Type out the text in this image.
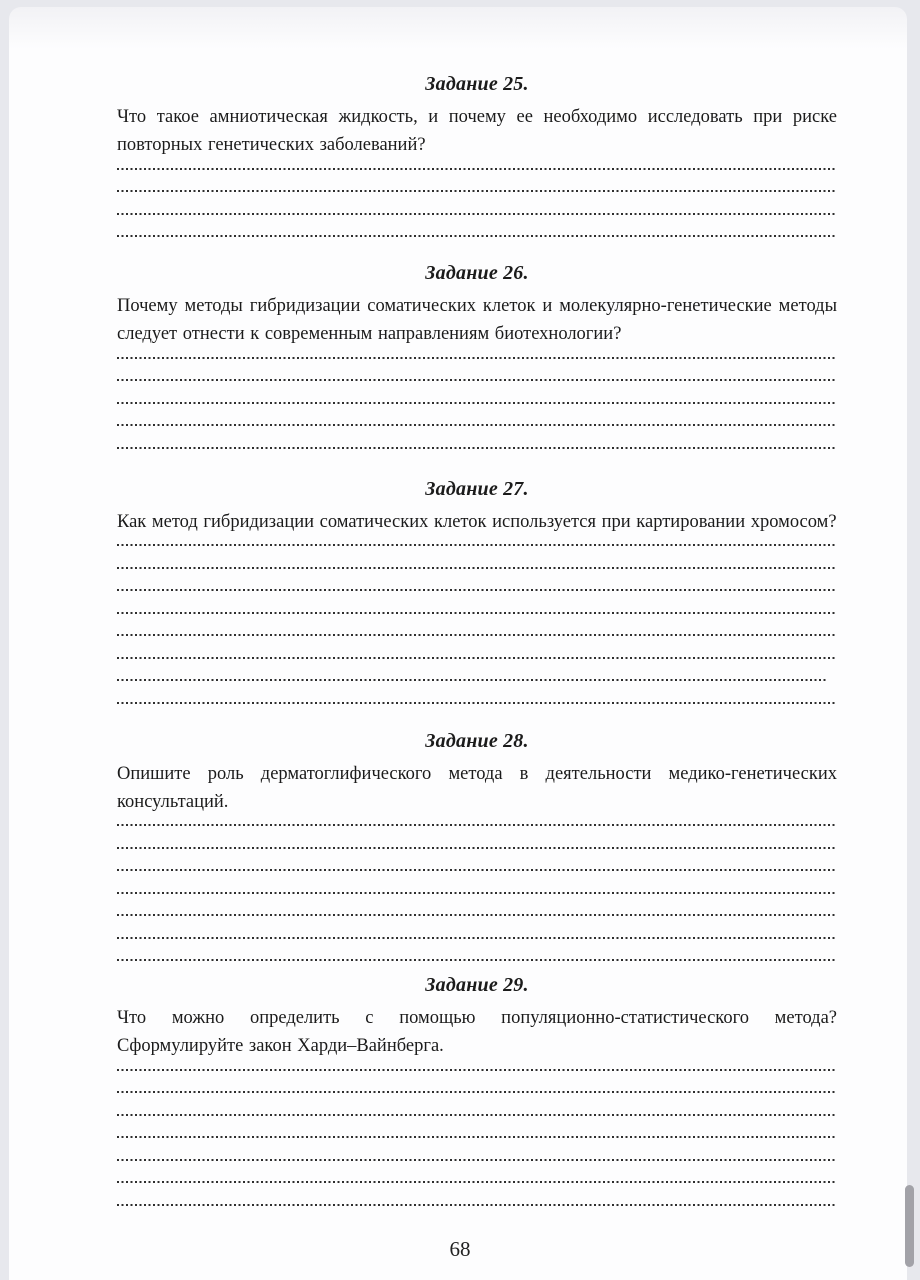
Задание 25.

Что такое амниотическая жидкость, и почему ее необходимо исследовать при риске повторных генетических заболеваний?

Задание 26.

Почему методы гибридизации соматических клеток и молекулярно-генетические методы следует отнести к современным направлениям биотехнологии?

Задание 27.

Как метод гибридизации соматических клеток используется при картировании хромосом?

Задание 28.

Опишите роль дерматоглифического метода в деятельности медико-генетических консультаций.

Задание 29.

Что можно определить с помощью популяционно-статистического метода? Сформулируйте закон Харди–Вайнберга.

68
